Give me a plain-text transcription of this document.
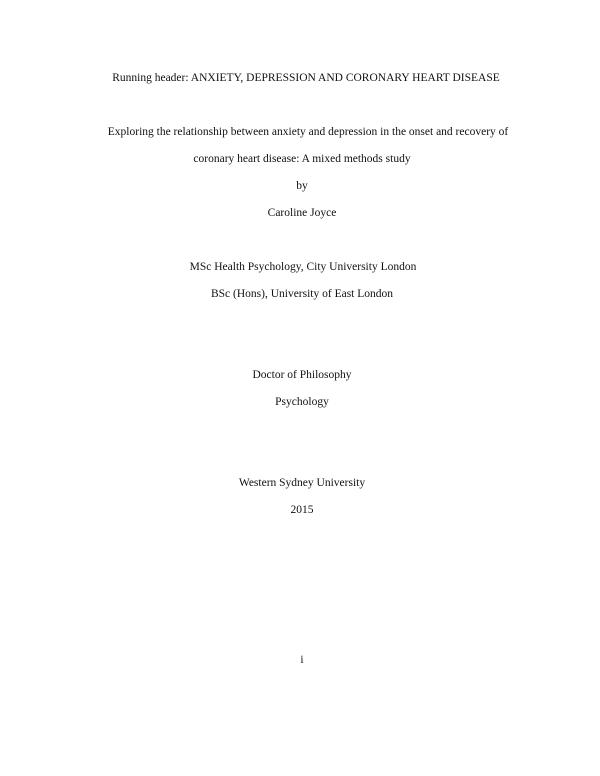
Running header: ANXIETY, DEPRESSION AND CORONARY HEART DISEASE
Exploring the relationship between anxiety and depression in the onset and recovery of
coronary heart disease: A mixed methods study
by
Caroline Joyce
MSc Health Psychology, City University London
BSc (Hons), University of East London
Doctor of Philosophy
Psychology
Western Sydney University
2015
i
